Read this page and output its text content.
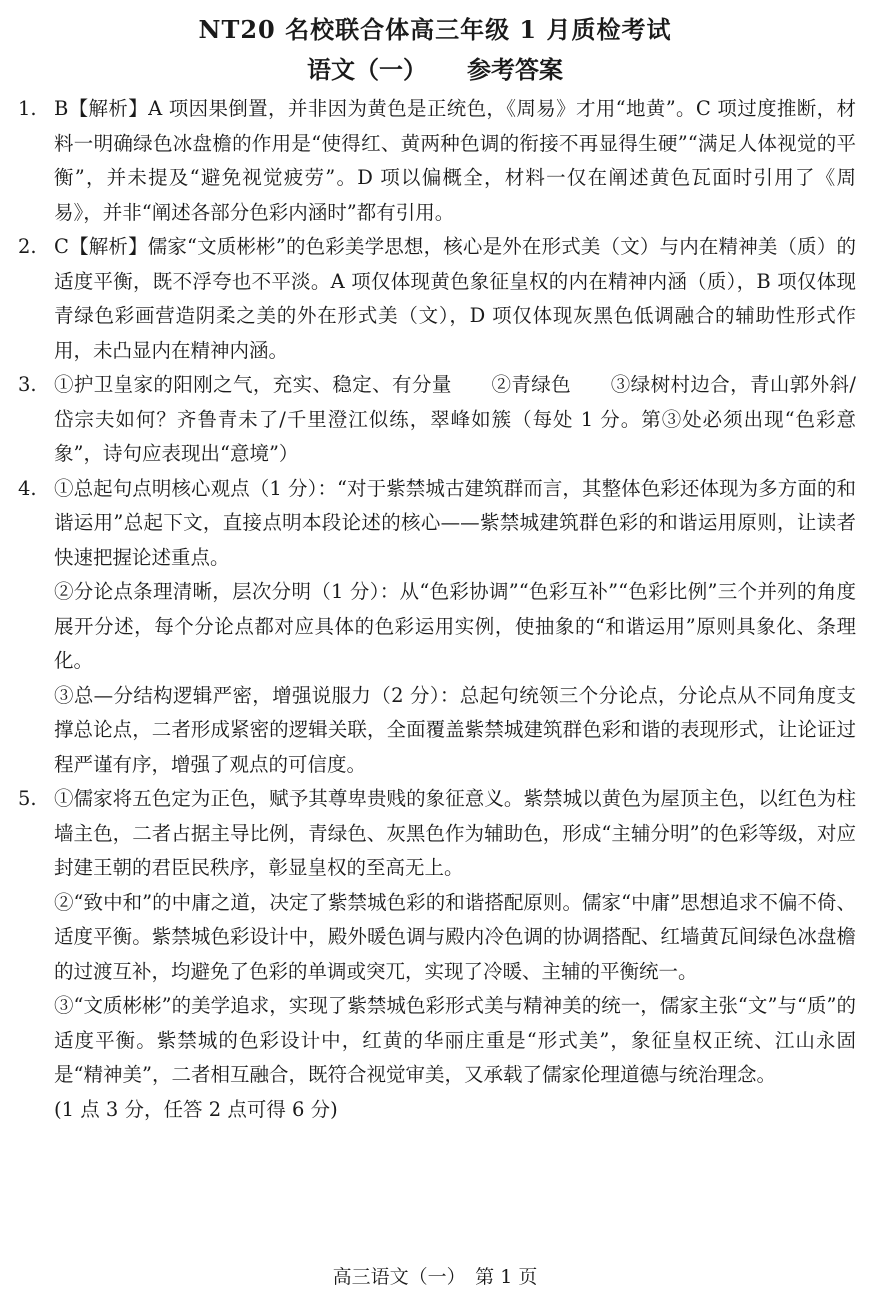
NT20 名校联合体高三年级 1 月质检考试
语文（一） 参考答案
1. B【解析】A 项因果倒置，并非因为黄色是正统色，《周易》才用“地黄”。C 项过度推断，材料一明确绿色冰盘檐的作用是“使得红、黄两种色调的衔接不再显得生硬”“满足人体视觉的平衡”，并未提及“避免视觉疲劳”。D 项以偏概全，材料一仅在阐述黄色瓦面时引用了《周易》，并非“阐述各部分色彩内涵时”都有引用。

2. C【解析】儒家“文质彬彬”的色彩美学思想，核心是外在形式美（文）与内在精神美（质）的适度平衡，既不浮夸也不平淡。A 项仅体现黄色象征皇权的内在精神内涵（质），B 项仅体现青绿色彩画营造阴柔之美的外在形式美（文），D 项仅体现灰黑色低调融合的辅助性形式作用，未凸显内在精神内涵。

3. ①护卫皇家的阳刚之气，充实、稳定、有分量　　②青绿色　　③绿树村边合，青山郭外斜/岱宗夫如何？齐鲁青未了/千里澄江似练，翠峰如簇（每处 1 分。第③处必须出现“色彩意象”，诗句应表现出“意境”）

4. ①总起句点明核心观点（1 分）：“对于紫禁城古建筑群而言，其整体色彩还体现为多方面的和谐运用”总起下文，直接点明本段论述的核心——紫禁城建筑群色彩的和谐运用原则，让读者快速把握论述重点。

②分论点条理清晰，层次分明（1 分）：从“色彩协调”“色彩互补”“色彩比例”三个并列的角度展开分述，每个分论点都对应具体的色彩运用实例，使抽象的“和谐运用”原则具象化、条理化。

③总—分结构逻辑严密，增强说服力（2 分）：总起句统领三个分论点，分论点从不同角度支撑总论点，二者形成紧密的逻辑关联，全面覆盖紫禁城建筑群色彩和谐的表现形式，让论证过程严谨有序，增强了观点的可信度。

5. ①儒家将五色定为正色，赋予其尊卑贵贱的象征意义。紫禁城以黄色为屋顶主色，以红色为柱墙主色，二者占据主导比例，青绿色、灰黑色作为辅助色，形成“主辅分明”的色彩等级，对应封建王朝的君臣民秩序，彰显皇权的至高无上。

②“致中和”的中庸之道，决定了紫禁城色彩的和谐搭配原则。儒家“中庸”思想追求不偏不倚、适度平衡。紫禁城色彩设计中，殿外暖色调与殿内冷色调的协调搭配、红墙黄瓦间绿色冰盘檐的过渡互补，均避免了色彩的单调或突兀，实现了冷暖、主辅的平衡统一。

③“文质彬彬”的美学追求，实现了紫禁城色彩形式美与精神美的统一，儒家主张“文”与“质”的适度平衡。紫禁城的色彩设计中，红黄的华丽庄重是“形式美”，象征皇权正统、江山永固是“精神美”，二者相互融合，既符合视觉审美，又承载了儒家伦理道德与统治理念。

(1 点 3 分，任答 2 点可得 6 分)

高三语文（一）　第 1 页
